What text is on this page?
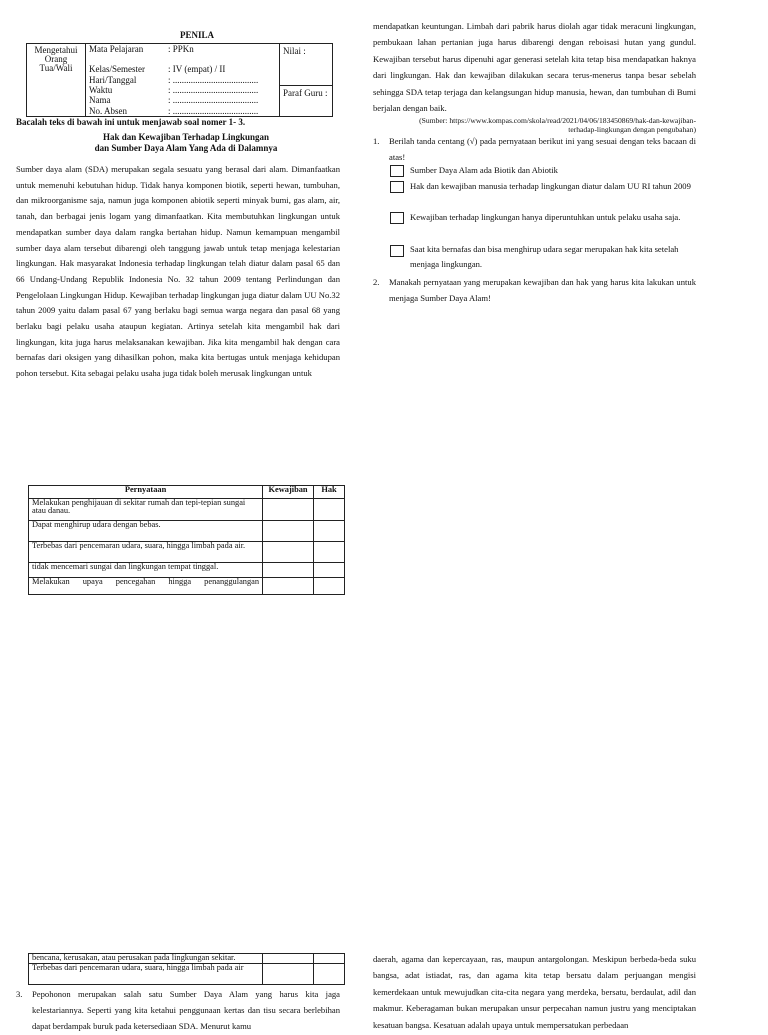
PENILA
Mengetahui Orang Tua/Wali
Mata Pelajaran	: PPKn
Kelas/Semester	: IV (empat) / II
Hari/Tanggal	: ......................................
Waktu	: ......................................
Nama	: ......................................
No. Absen	: ......................................
Nilai :
Paraf Guru :
Bacalah teks di bawah ini untuk menjawab soal nomer 1- 3.
Hak dan Kewajiban Terhadap Lingkungan
dan Sumber Daya Alam Yang Ada di Dalamnya
Sumber daya alam (SDA) merupakan segala sesuatu yang berasal dari alam. Dimanfaatkan untuk memenuhi kebutuhan hidup. Tidak hanya komponen biotik, seperti hewan, tumbuhan, dan mikroorganisme saja, namun juga komponen abiotik seperti minyak bumi, gas alam, air, tanah, dan berbagai jenis logam yang dimanfaatkan. Kita membutuhkan lingkungan untuk mendapatkan sumber daya dalam rangka bertahan hidup. Namun kemampuan mengambil sumber daya alam tersebut dibarengi oleh tanggung jawab untuk tetap menjaga kelestarian lingkungan. Hak masyarakat Indonesia terhadap lingkungan telah diatur dalam pasal 65 dan 66 Undang-Undang Republik Indonesia No. 32 tahun 2009 tentang Perlindungan dan Pengelolaan Lingkungan Hidup. Kewajiban terhadap lingkungan juga diatur dalam UU No.32 tahun 2009 yaitu dalam pasal 67 yang berlaku bagi semua warga negara dan pasal 68 yang berlaku bagi pelaku usaha ataupun kegiatan. Artinya setelah kita mengambil hak dari lingkungan, kita juga harus melaksanakan kewajiban. Jika kita mengambil hak dengan cara bernafas dari oksigen yang dihasilkan pohon, maka kita bertugas untuk menjaga kehidupan pohon tersebut. Kita sebagai pelaku usaha juga tidak boleh merusak lingkungan untuk
Pernyataan	Kewajiban	Hak
Melakukan penghijauan di sekitar rumah dan tepi-tepian sungai atau danau.		
Dapat menghirup udara dengan bebas.		
Terbebas dari pencemaran udara, suara, hingga limbah pada air.		
tidak mencemari sungai dan lingkungan tempat tinggal.		
Melakukan upaya pencegahan hingga penanggulangan		
mendapatkan keuntungan. Limbah dari pabrik harus diolah agar tidak meracuni lingkungan, pembukaan lahan pertanian juga harus dibarengi dengan reboisasi hutan yang gundul. Kewajiban tersebut harus dipenuhi agar generasi setelah kita tetap bisa mendapatkan haknya dari lingkungan. Hak dan kewajiban dilakukan secara terus-menerus tanpa besar sebelah sehingga SDA tetap terjaga dan kelangsungan hidup manusia, hewan, dan tumbuhan di Bumi berjalan dengan baik.
(Sumber: https://www.kompas.com/skola/read/2021/04/06/183450869/hak-dan-kewajiban-
terhadap-lingkungan dengan pengubahan)
1. Berilah tanda centang (√) pada pernyataan berikut ini yang sesuai dengan teks bacaan di atas!
Sumber Daya Alam ada Biotik dan Abiotik
Hak dan kewajiban manusia terhadap lingkungan diatur dalam UU RI tahun 2009
Kewajiban terhadap lingkungan hanya diperuntuhkan untuk pelaku usaha saja.
Saat kita bernafas dan bisa menghirup udara segar merupakan hak kita setelah menjaga lingkungan.
2. Manakah pernyataan yang merupakan kewajiban dan hak yang harus kita lakukan untuk menjaga Sumber Daya Alam!
bencana, kerusakan, atau perusakan pada lingkungan sekitar.		
Terbebas dari pencemaran udara, suara, hingga limbah pada air		
3. Pepohonon merupakan salah satu Sumber Daya Alam yang harus kita jaga kelestariannya. Seperti yang kita ketahui penggunaan kertas dan tisu secara berlebihan dapat berdampak buruk pada ketersediaan SDA. Menurut kamu
daerah, agama dan kepercayaan, ras, maupun antargolongan. Meskipun berbeda-beda suku bangsa, adat istiadat, ras, dan agama kita tetap bersatu dalam perjuangan mengisi kemerdekaan untuk mewujudkan cita-cita negara yang merdeka, bersatu, berdaulat, adil dan makmur. Keberagaman bukan merupakan unsur perpecahan namun justru yang menciptakan kesatuan bangsa. Kesatuan adalah upaya untuk mempersatukan perbedaan
